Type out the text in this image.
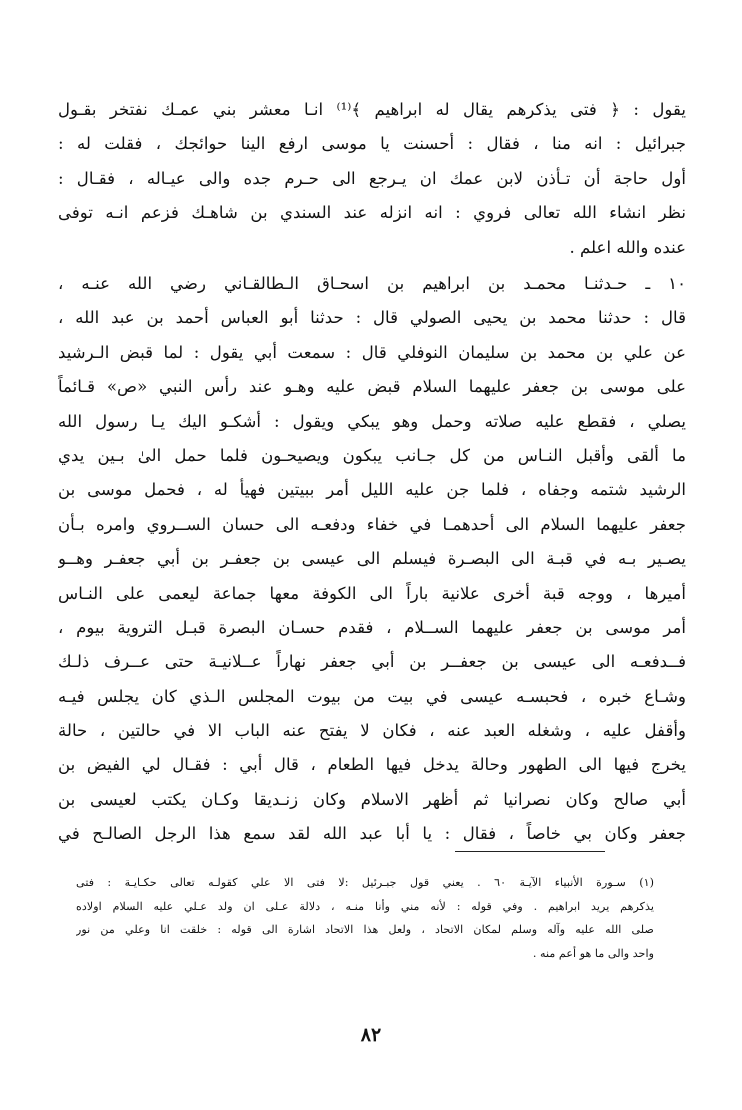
يقول : ﴿ فتى يذكرهم يقال له ابراهيم ﴾⁽¹⁾ انـا معشر بني عمـك نفتخر بقـول
جبرائيل : انه منا ، فقال : أحسنت يا موسى ارفع الينا حوائجك ، فقلت له :
أول حاجة أن تـأذن لابن عمك ان يـرجع الى حـرم جده والى عيـاله ، فقـال :
نظر انشاء الله تعالى فروي : انه انزله عند السندي بن شاهـك فزعم انـه توفى
عنده والله اعلم .
١٠ ـ حـدثنـا محمـد بن ابراهيم بن اسحـاق الـطالقـاني رضي الله عنـه ،
قال : حدثنا محمد بن يحيى الصولي قال : حدثنا أبو العباس أحمد بن عبد الله ،
عن علي بن محمد بن سليمان النوفلي قال : سمعت أبي يقول : لما قبض الـرشيد
على موسى بن جعفر عليهما السلام قبض عليه وهـو عند رأس النبي «ص» قـائماً
يصلي ، فقطع عليه صلاته وحمل وهو يبكي ويقول : أشكـو اليك يـا رسول الله
ما ألقى وأقبل النـاس من كل جـانب يبكون ويصيحـون فلما حمل الىٰ بـين يدي
الرشيد شتمه وجفاه ، فلما جن عليه الليل أمر ببيتين فهيأ له ، فحمل موسى بن
جعفر عليهما السلام الى أحدهمـا في خفاء ودفعـه الى حسان الســروي وامره بـأن
يصـير بـه في قبـة الى البصـرة فيسلم الى عيسى بن جعفـر بن أبي جعفـر وهــو
أميرها ، ووجه قبة أخرى علانية باراً الى الكوفة معها جماعة ليعمى على النـاس
أمر موسى بن جعفر عليهما الســلام ، فقدم حسـان البصرة قبـل التروية بيوم ،
فــدفعـه الى عيسى بن جعفــر بن أبي جعفر نهاراً عــلانيـة حتى عــرف ذلـك
وشـاع خبره ، فحبسـه عيسى في بيت من بيوت المجلس الـذي كان يجلس فيـه
وأقفل عليه ، وشغله العبد عنه ، فكان لا يفتح عنه الباب الا في حالتين ، حالة
يخرج فيها الى الطهور وحالة يدخل فيها الطعام ، قال أبي : فقـال لي الفيض بن
أبي صالح وكان نصرانيا ثم أظهر الاسلام وكان زنـديقا وكـان يكتب لعيسى بن
جعفر وكان بي خاصاً ، فقال : يا أبا عبد الله لقد سمع هذا الرجل الصالـح في
(١) سـورة الأنبياء الآيـة ٦٠ . يعني قول جبـرئيل :لا فتى الا علي كقولـه تعالى حكـايـة : فتى
يذكرهم يريد ابراهيم . وفي قوله : لأنه مني وأنا منـه ، دلالة عـلى ان ولد عـلي عليه السلام اولاده
صلى الله عليه وآله وسلم لمكان الاتحاد ، ولعل هذا الاتحاد اشارة الى قوله : خلقت انا وعلي من نور
واحد والى ما هو أعم منه .
٨٢
